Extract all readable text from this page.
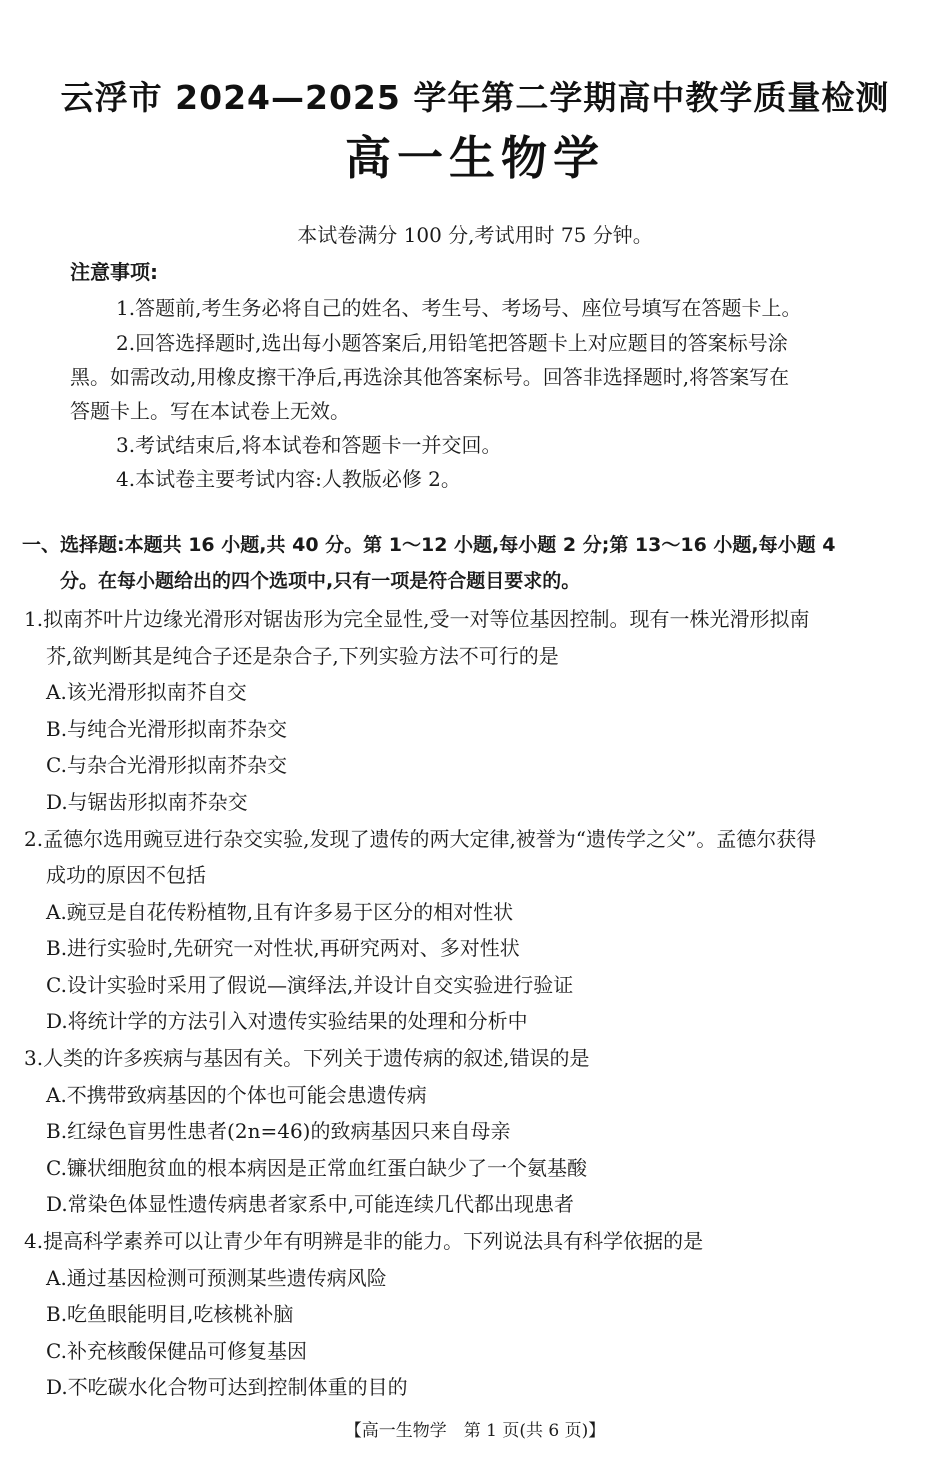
云浮市 2024—2025 学年第二学期高中教学质量检测
高一生物学
本试卷满分 100 分,考试用时 75 分钟。
注意事项:
1.答题前,考生务必将自己的姓名、考生号、考场号、座位号填写在答题卡上。
2.回答选择题时,选出每小题答案后,用铅笔把答题卡上对应题目的答案标号涂
黑。如需改动,用橡皮擦干净后,再选涂其他答案标号。回答非选择题时,将答案写在
答题卡上。写在本试卷上无效。
3.考试结束后,将本试卷和答题卡一并交回。
4.本试卷主要考试内容:人教版必修 2。
一、选择题:本题共 16 小题,共 40 分。第 1～12 小题,每小题 2 分;第 13～16 小题,每小题 4
分。在每小题给出的四个选项中,只有一项是符合题目要求的。
1.拟南芥叶片边缘光滑形对锯齿形为完全显性,受一对等位基因控制。现有一株光滑形拟南
芥,欲判断其是纯合子还是杂合子,下列实验方法不可行的是
A.该光滑形拟南芥自交
B.与纯合光滑形拟南芥杂交
C.与杂合光滑形拟南芥杂交
D.与锯齿形拟南芥杂交
2.孟德尔选用豌豆进行杂交实验,发现了遗传的两大定律,被誉为“遗传学之父”。孟德尔获得
成功的原因不包括
A.豌豆是自花传粉植物,且有许多易于区分的相对性状
B.进行实验时,先研究一对性状,再研究两对、多对性状
C.设计实验时采用了假说—演绎法,并设计自交实验进行验证
D.将统计学的方法引入对遗传实验结果的处理和分析中
3.人类的许多疾病与基因有关。下列关于遗传病的叙述,错误的是
A.不携带致病基因的个体也可能会患遗传病
B.红绿色盲男性患者(2n=46)的致病基因只来自母亲
C.镰状细胞贫血的根本病因是正常血红蛋白缺少了一个氨基酸
D.常染色体显性遗传病患者家系中,可能连续几代都出现患者
4.提高科学素养可以让青少年有明辨是非的能力。下列说法具有科学依据的是
A.通过基因检测可预测某些遗传病风险
B.吃鱼眼能明目,吃核桃补脑
C.补充核酸保健品可修复基因
D.不吃碳水化合物可达到控制体重的目的
【高一生物学　第 1 页(共 6 页)】
